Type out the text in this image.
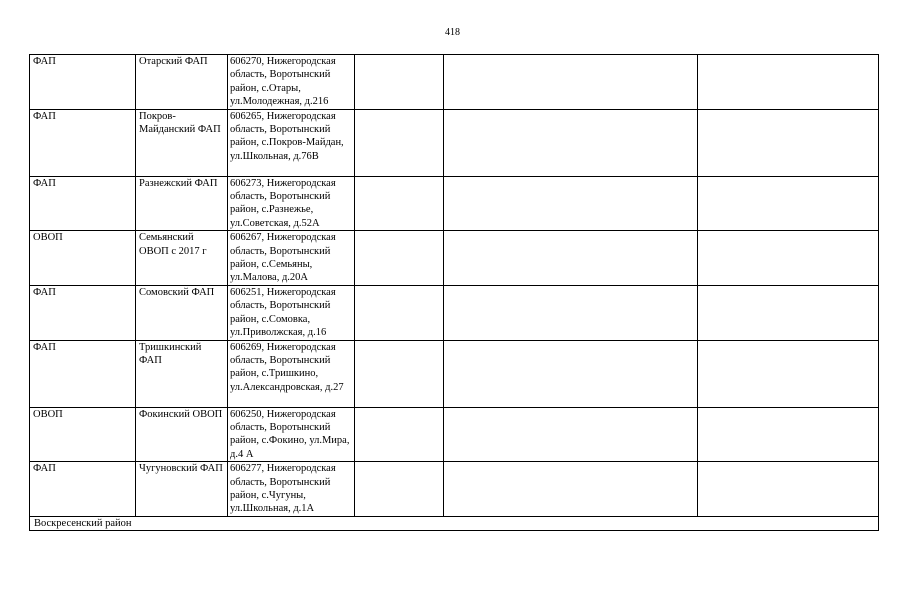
418
ФАП	Отарский ФАП	606270, Нижегородская область, Воротынский район, с.Отары, ул.Молодежная, д.216			
ФАП	Покров-Майданский ФАП	606265, Нижегородская область, Воротынский район, с.Покров-Майдан, ул.Школьная, д.76В			
ФАП	Разнежский ФАП	606273, Нижегородская область, Воротынский район, с.Разнежье, ул.Советская, д.52А			
ОВОП	Семьянский ОВОП с 2017 г	606267, Нижегородская область, Воротынский район, с.Семьяны, ул.Малова, д.20А			
ФАП	Сомовский ФАП	606251, Нижегородская область, Воротынский район, с.Сомовка, ул.Приволжская, д.16			
ФАП	Тришкинский ФАП	606269, Нижегородская область, Воротынский район, с.Тришкино, ул.Александровская, д.27			
ОВОП	Фокинский ОВОП	606250, Нижегородская область, Воротынский район, с.Фокино, ул.Мира, д.4 А			
ФАП	Чугуновский ФАП	606277, Нижегородская область, Воротынский район, с.Чугуны, ул.Школьная, д.1А			
Воскресенский район					
